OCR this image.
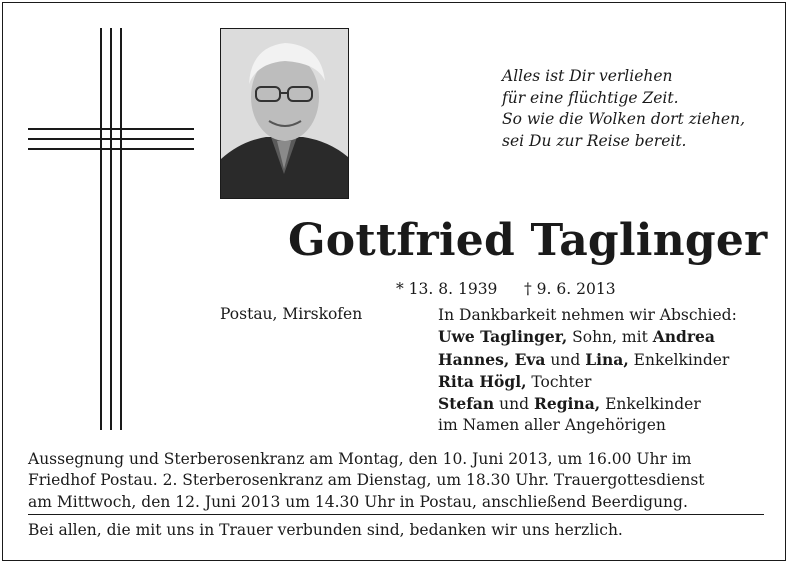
Alles ist Dir verliehen
für eine flüchtige Zeit.
So wie die Wolken dort ziehen,
sei Du zur Reise bereit.
Gottfried Taglinger
* 13. 8. 1939 † 9. 6. 2013
Postau, Mirskofen	In Dankbarkeit nehmen wir Abschied:
Uwe Taglinger, Sohn, mit Andrea
Hannes, Eva und Lina, Enkelkinder
Rita Högl, Tochter
Stefan und Regina, Enkelkinder
im Namen aller Angehörigen
Aussegnung und Sterberosenkranz am Montag, den 10. Juni 2013, um 16.00 Uhr im
Friedhof Postau. 2. Sterberosenkranz am Dienstag, um 18.30 Uhr. Trauergottesdienst
am Mittwoch, den 12. Juni 2013 um 14.30 Uhr in Postau, anschließend Beerdigung.
Bei allen, die mit uns in Trauer verbunden sind, bedanken wir uns herzlich.
